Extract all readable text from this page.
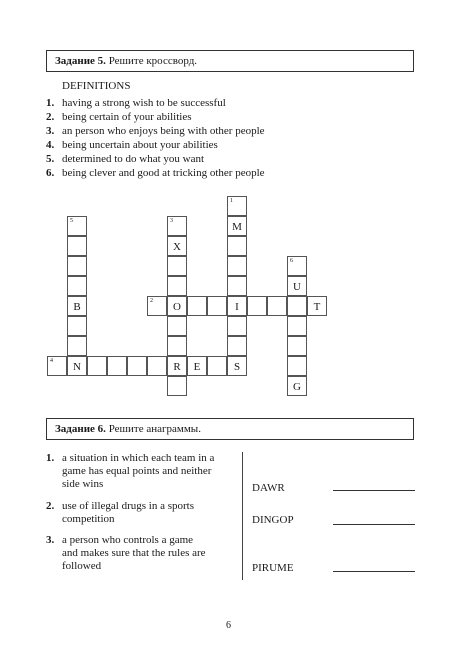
Задание 5. Решите кроссворд.
DEFINITIONS
1. having a strong wish to be successful
2. being certain of your abilities
3. an person who enjoys being with other people
4. being uncertain about your abilities
5. determined to do what you want
6. being clever and good at tricking other people
5
B
4	N	R	E	S
3
X
2	O	I	T
1
M
6
U
G
Задание 6. Решите анаграммы.
1. a situation in which each team in a
game has equal points and neither
side wins	DAWR
2. use of illegal drugs in a sports
competition	DINGOP
3. a person who controls a game
and makes sure that the rules are
followed	PIRUME
6
